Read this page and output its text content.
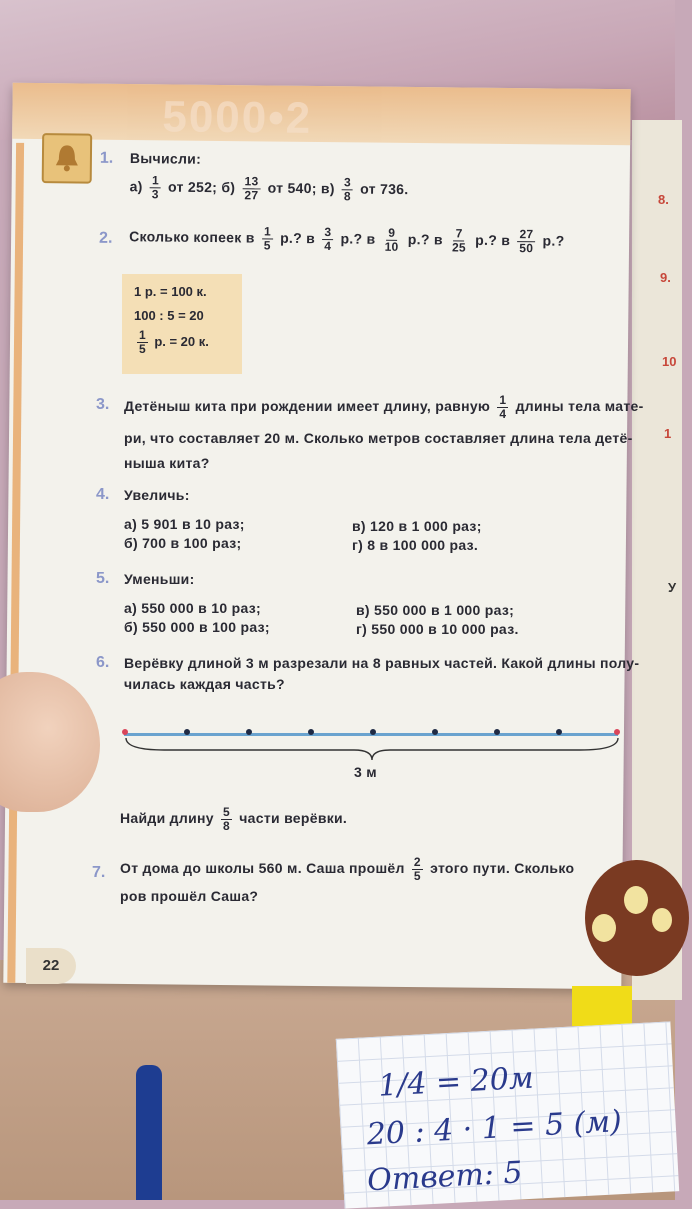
8.
9.
10
1
У
5000•2
1. Вычисли:
$а) \frac{1}{3}$ от 252; $б) \frac{13}{27}$ от 540; $в) \frac{3}{8}$ от 736.
2. Сколько копеек в $\frac{1}{5} р$.? в $\frac{3}{4} р$.? в $\frac{9}{10} р$.? в $\frac{7}{25} р$.? в $\frac{27}{50} р$.?
1 р. = 100 к.
100 : 5 = 20
$\frac{1}{5} р$. = 20 к.
3. Детёныш кита при рождении имеет длину, равную $\frac{1}{4}$ длины тела мате-
ри, что составляет 20 м. Сколько метров составляет длина тела детё-
ныша кита?
4. Увеличь:
а) 5 901 в 10 раз;
б) 700 в 100 раз;
в) 120 в 1 000 раз;
г) 8 в 100 000 раз.
5. Уменьши:
а) 550 000 в 10 раз;
б) 550 000 в 100 раз;
в) 550 000 в 1 000 раз;
г) 550 000 в 10 000 раз.
6. Верёвку длиной 3 м разрезали на 8 равных частей. Какой длины полу-
чилась каждая часть?
3 м
Найди длину $\frac{5}{8}$ части верёвки.
7. От дома до школы 560 м. Саша прошёл $\frac{2}{5}$ этого пути. Сколько
ров прошёл Саша?
22
1/4 = 20м
20 : 4 · 1 = 5 (м)
Ответ: 5
